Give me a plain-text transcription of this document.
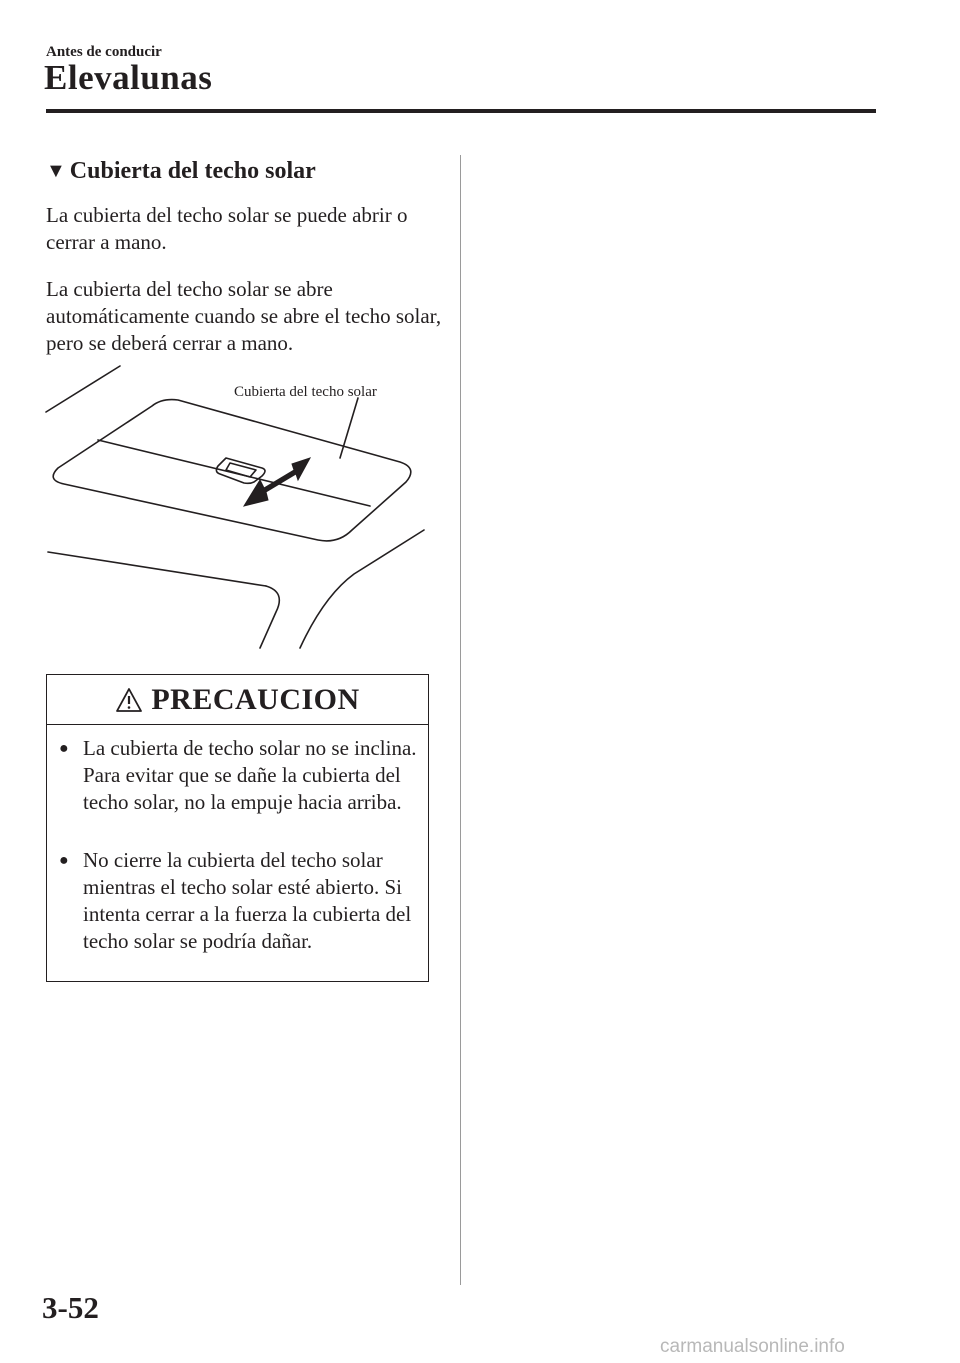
Antes de conducir
Elevalunas
▼ Cubierta del techo solar
La cubierta del techo solar se puede abrir o cerrar a mano.
La cubierta del techo solar se abre automáticamente cuando se abre el techo solar, pero se deberá cerrar a mano.
Cubierta del techo solar
PRECAUCION
● La cubierta de techo solar no se inclina. Para evitar que se dañe la cubierta del techo solar, no la empuje hacia arriba.
● No cierre la cubierta del techo solar mientras el techo solar esté abierto. Si intenta cerrar a la fuerza la cubierta del techo solar se podría dañar.
3-52
carmanualsonline.info
